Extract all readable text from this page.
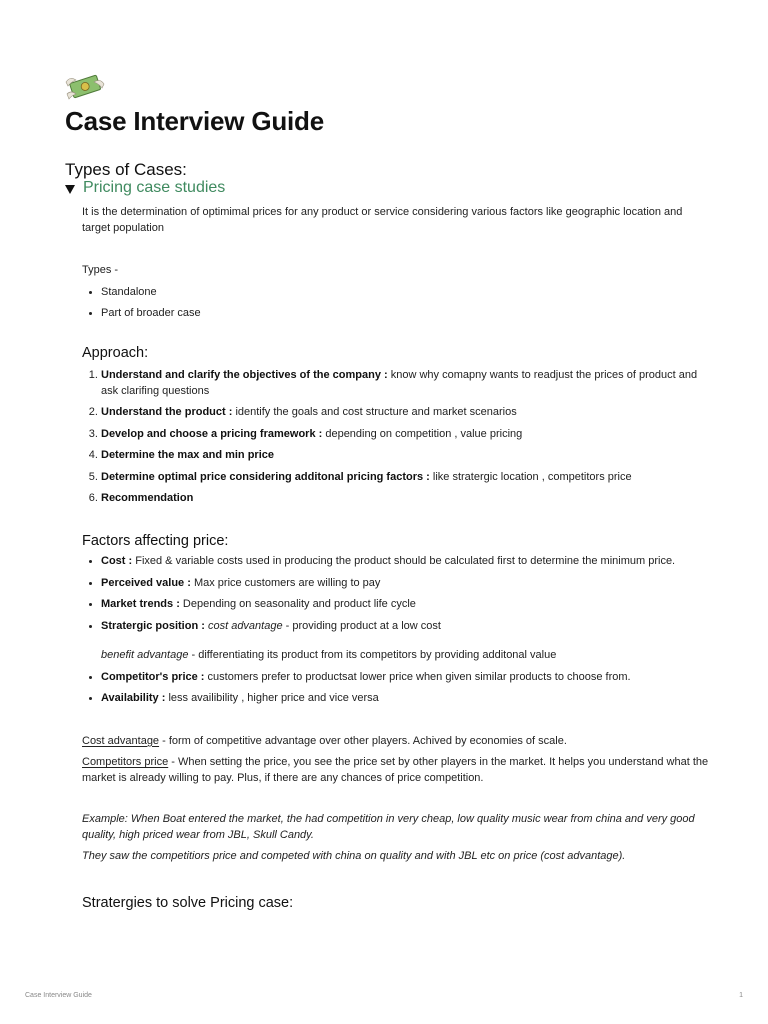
Case Interview Guide
Types of Cases:
Pricing case studies

It is the determination of optimimal prices for any product or service considering various factors like geographic location and target population

Types -

• Standalone
• Part of broader case
Approach:
1. Understand and clarify the objectives of the company : know why comapny wants to readjust the prices of product and ask clarifing questions
2. Understand the product : identify the goals and cost structure and market scenarios
3. Develop and choose a pricing framework : depending on competition , value pricing
4. Determine the max and min price
5. Determine optimal price considering additonal pricing factors : like stratergic location , competitors price
6. Recommendation
Factors affecting price:
• Cost : Fixed & variable costs used in producing the product should be calculated first to determine the minimum price.
• Perceived value : Max price customers are willing to pay
• Market trends : Depending on seasonality and product life cycle
• Stratergic position : cost advantage - providing product at a low cost

benefit advantage - differentiating its product from its competitors by providing additonal value

• Competitor's price : customers prefer to productsat lower price when given similar products to choose from.
• Availability : less availibility , higher price and vice versa

Cost advantage - form of competitive advantage over other players. Achived by economies of scale.

Competitors price - When setting the price, you see the price set by other players in the market. It helps you understand what the market is already willing to pay. Plus, if there are any chances of price competition.

Example: When Boat entered the market, the had competition in very cheap, low quality music wear from china and very good quality, high priced wear from JBL, Skull Candy.

They saw the competitiors price and competed with china on quality and with JBL etc on price (cost advantage).

Stratergies to solve Pricing case:
Case Interview Guide	1
